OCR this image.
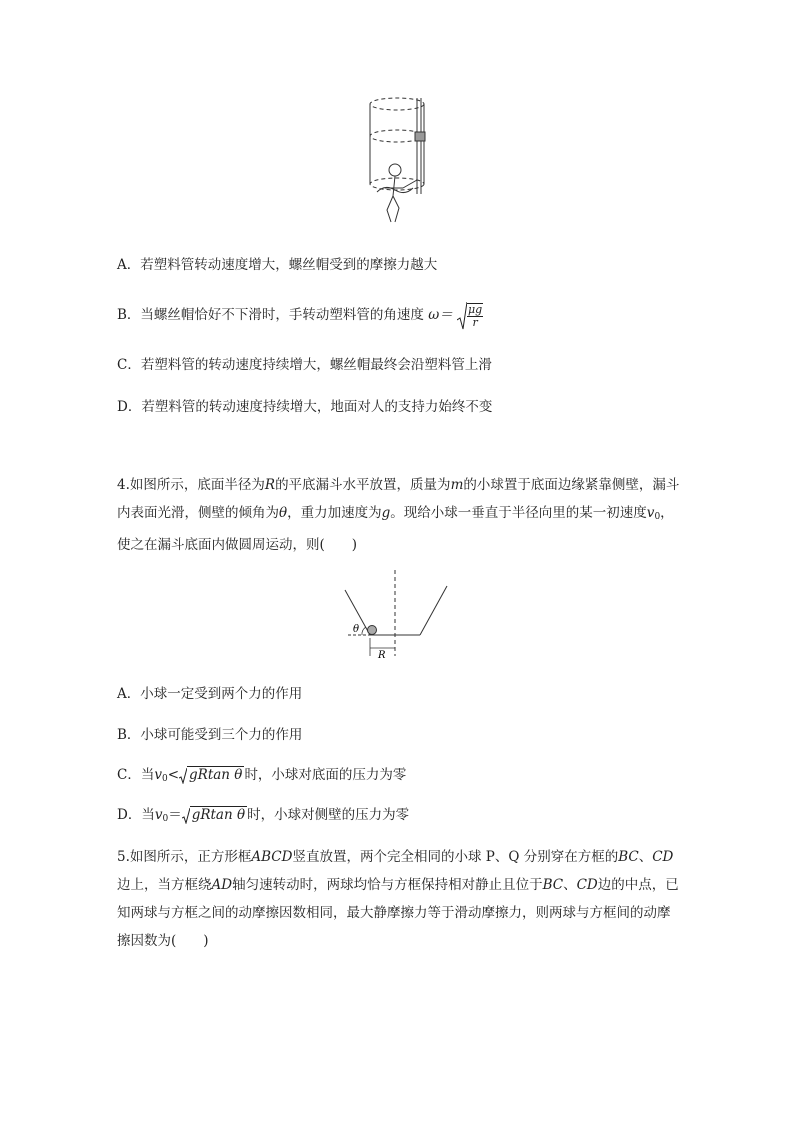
A．若塑料管转动速度增大，螺丝帽受到的摩擦力越大
B．当螺丝帽恰好不下滑时，手转动塑料管的角速度 $\omega= \frac{\mu g}{r}$
C．若塑料管的转动速度持续增大，螺丝帽最终会沿塑料管上滑
D．若塑料管的转动速度持续增大，地面对人的支持力始终不变
4.如图所示，底面半径为R的平底漏斗水平放置，质量为m的小球置于底面边缘紧靠侧壁，漏斗内表面光滑，侧壁的倾角为θ，重力加速度为g。现给小球一垂直于半径向里的某一初速度$v_0$，使之在漏斗底面内做圆周运动，则(　　)
θ
R
A．小球一定受到两个力的作用
B．小球可能受到三个力的作用
C．当$v_0< gRtan$ θ 时，小球对底面的压力为零
D．当$v_0= gRtan$ θ 时，小球对侧壁的压力为零
5.如图所示，正方形框ABCD竖直放置，两个完全相同的小球 P、Q 分别穿在方框的BC、CD边上，当方框绕AD轴匀速转动时，两球均恰与方框保持相对静止且位于BC、CD边的中点，已知两球与方框之间的动摩擦因数相同，最大静摩擦力等于滑动摩擦力，则两球与方框间的动摩擦因数为(　　)
